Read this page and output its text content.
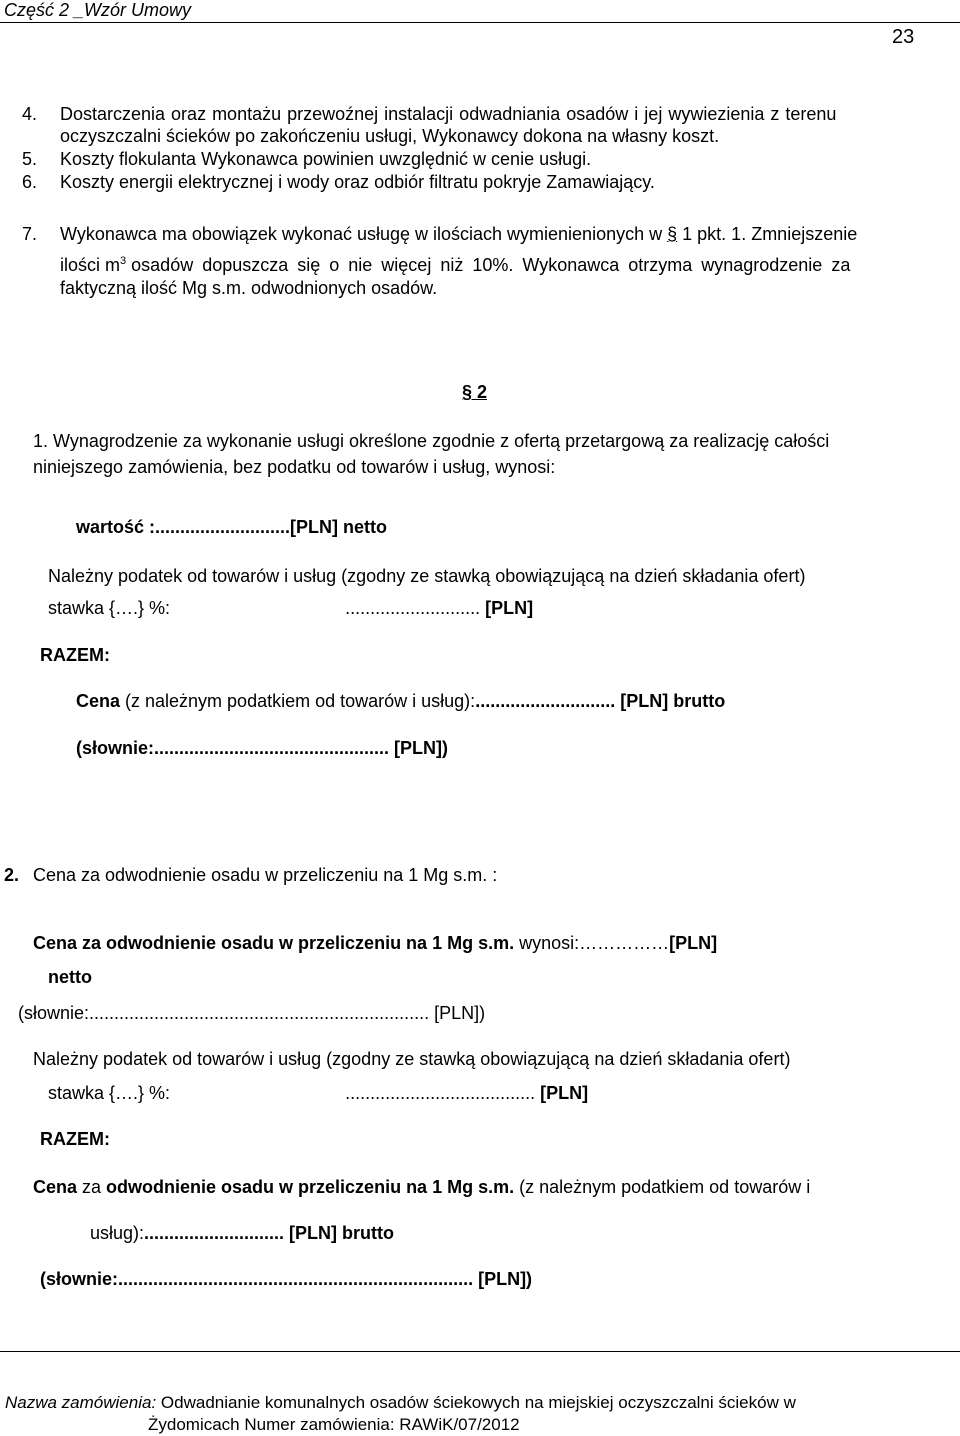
Część 2 _Wzór Umowy
23
4. Dostarczenia oraz montażu przewoźnej instalacji odwadniania osadów i jej wywiezienia z terenu
oczyszczalni ścieków po zakończeniu usługi, Wykonawcy dokona na własny koszt.
5. Koszty flokulanta Wykonawca powinien uwzględnić w cenie usługi.
6. Koszty energii elektrycznej i wody oraz odbiór filtratu pokryje Zamawiający.
7. Wykonawca ma obowiązek wykonać usługę w ilościach wymienienionych w § 1 pkt. 1. Zmniejszenie
ilości $m^3$ osadów dopuszcza się o nie więcej niż 10%. Wykonawca otrzyma wynagrodzenie za
faktyczną ilość Mg s.m. odwodnionych osadów.
§ 2
1. Wynagrodzenie za wykonanie usługi określone zgodnie z ofertą przetargową za realizację całości
niniejszego zamówienia, bez podatku od towarów i usług, wynosi:
wartość :...........................[PLN] netto
Należny podatek od towarów i usług (zgodny ze stawką obowiązującą na dzień składania ofert)
stawka {….} %:	........................... [PLN]
RAZEM:
Cena (z należnym podatkiem od towarów i usług):............................ [PLN] brutto
(słownie:............................................... [PLN])
2. Cena za odwodnienie osadu w przeliczeniu na 1 Mg s.m. :
Cena za odwodnienie osadu w przeliczeniu na 1 Mg s.m. wynosi:……………[PLN]
netto
(słownie:.................................................................... [PLN])
Należny podatek od towarów i usług (zgodny ze stawką obowiązującą na dzień składania ofert)
stawka {….} %:	...................................... [PLN]
RAZEM:
Cena za odwodnienie osadu w przeliczeniu na 1 Mg s.m. (z należnym podatkiem od towarów i
usług):............................ [PLN] brutto
(słownie:....................................................................... [PLN])
Nazwa zamówienia: Odwadnianie komunalnych osadów ściekowych na miejskiej oczyszczalni ścieków w
Żydomicach Numer zamówienia: RAWiK/07/2012
